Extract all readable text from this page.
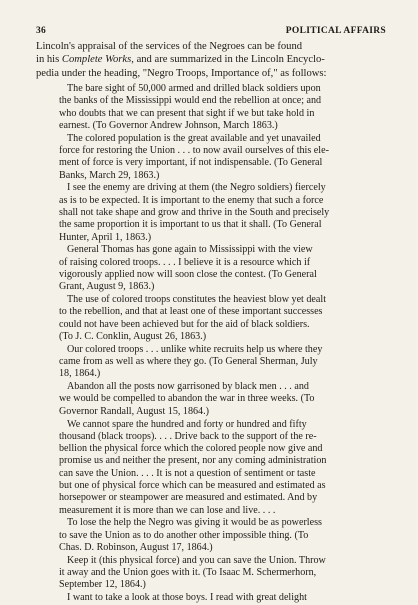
36	POLITICAL AFFAIRS
Lincoln's appraisal of the services of the Negroes can be found
in his Complete Works, and are summarized in the Lincoln Encyclo-
pedia under the heading, "Negro Troops, Importance of," as follows:
The bare sight of 50,000 armed and drilled black soldiers upon
the banks of the Mississippi would end the rebellion at once; and
who doubts that we can present that sight if we but take hold in
earnest. (To Governor Andrew Johnson, March 1863.)
The colored population is the great available and yet unavailed
force for restoring the Union . . . to now avail ourselves of this ele-
ment of force is very important, if not indispensable. (To General
Banks, March 29, 1863.)
I see the enemy are driving at them (the Negro soldiers) fiercely
as is to be expected. It is important to the enemy that such a force
shall not take shape and grow and thrive in the South and precisely
the same proportion it is important to us that it shall. (To General
Hunter, April 1, 1863.)
General Thomas has gone again to Mississippi with the view
of raising colored troops. . . . I believe it is a resource which if
vigorously applied now will soon close the contest. (To General
Grant, August 9, 1863.)
The use of colored troops constitutes the heaviest blow yet dealt
to the rebellion, and that at least one of these important successes
could not have been achieved but for the aid of black soldiers.
(To J. C. Conklin, August 26, 1863.)
Our colored troops . . . unlike white recruits help us where they
came from as well as where they go. (To General Sherman, July
18, 1864.)
Abandon all the posts now garrisoned by black men . . . and
we would be compelled to abandon the war in three weeks. (To
Governor Randall, August 15, 1864.)
We cannot spare the hundred and forty or hundred and fifty
thousand (black troops). . . . Drive back to the support of the re-
bellion the physical force which the colored people now give and
promise us and neither the present, nor any coming administration
can save the Union. . . . It is not a question of sentiment or taste
but one of physical force which can be measured and estimated as
horsepower or steampower are measured and estimated. And by
measurement it is more than we can lose and live. . . .
To lose the help the Negro was giving it would be as powerless
to save the Union as to do another other impossible thing. (To
Chas. D. Robinson, August 17, 1864.)
Keep it (this physical force) and you can save the Union. Throw
it away and the Union goes with it. (To Isaac M. Schermerhorn,
September 12, 1864.)
I want to take a look at those boys. I read with great delight
